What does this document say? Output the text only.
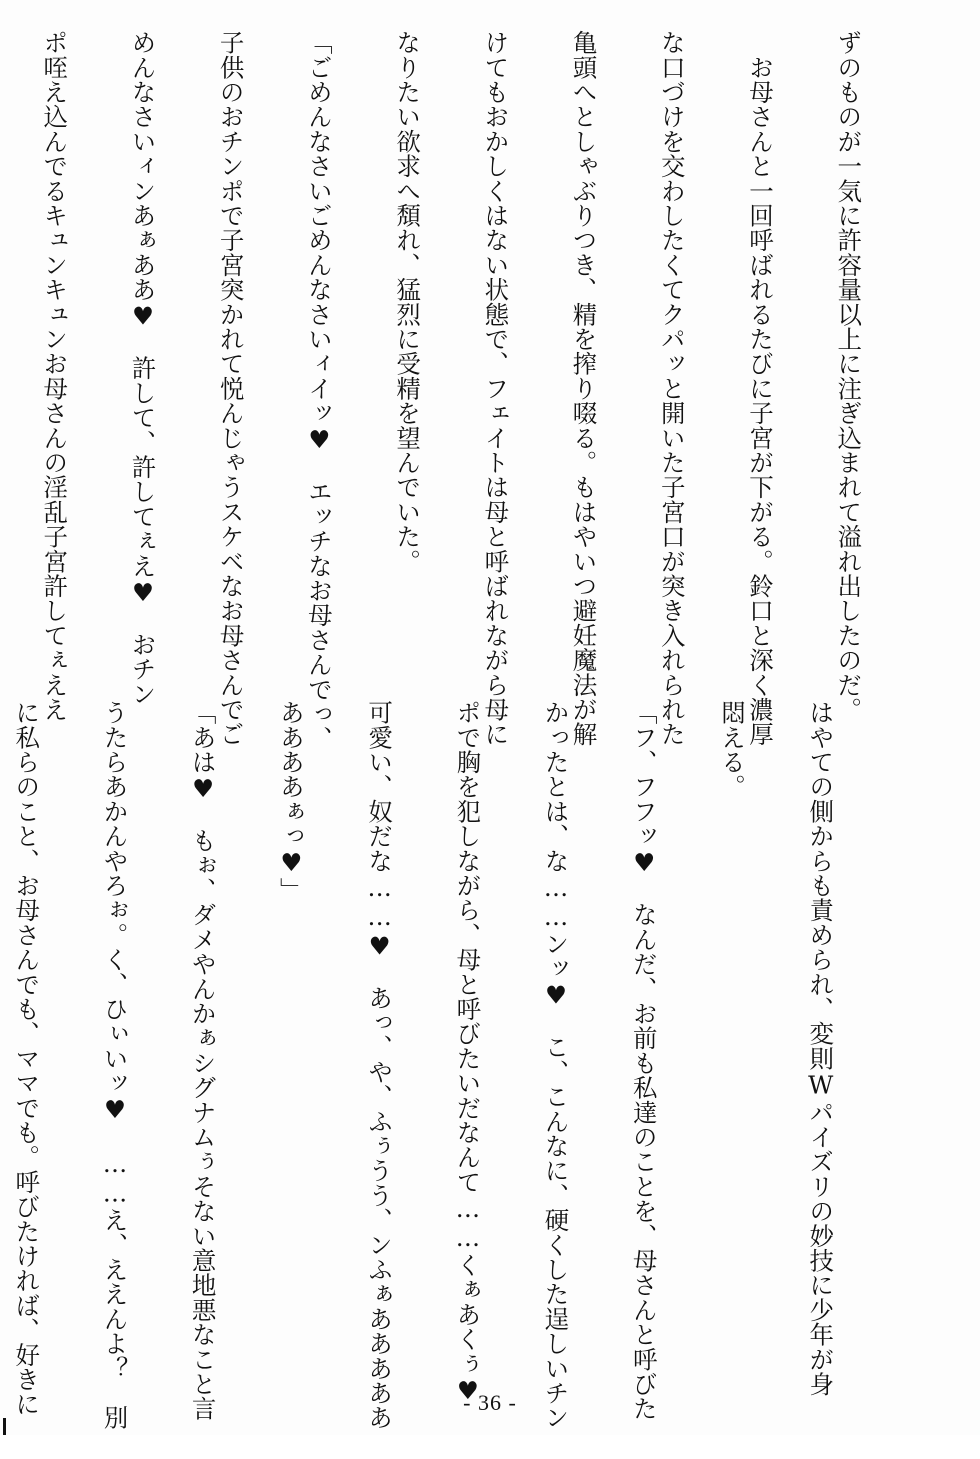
ずのものが一気に許容量以上に注ぎ込まれて溢れ出したのだ。

　お母さんと一回呼ばれるたびに子宮が下がる。鈴口と深く濃厚

な口づけを交わしたくてクパッと開いた子宮口が突き入れられた

亀頭へとしゃぶりつき、精を搾り啜る。もはやいつ避妊魔法が解

けてもおかしくはない状態で、フェイトは母と呼ばれながら母に

なりたい欲求へ頽れ、猛烈に受精を望んでいた。

「ごめんなさいごめんなさいィイッ♥　エッチなお母さんでっ、

子供のおチンポで子宮突かれて悦んじゃうスケベなお母さんでご

めんなさいィンあぁああ♥　許して、許してぇえ♥　おチン

ポ咥え込んでるキュンキュンお母さんの淫乱子宮許してぇええ

はやての側からも責められ、変則Wパイズリの妙技に少年が身

悶える。

「フ、フフッ♥　なんだ、お前も私達のことを、母さんと呼びた

かったとは、な……ンッ♥　こ、こんなに、硬くした逞しいチン

ポで胸を犯しながら、母と呼びたいだなんて……くぁあくぅ♥

可愛い、奴だな……♥　あっ、や、ふぅうう、ンふぁあああああ

ああああぁっ♥」

「あは♥　もぉ、ダメやんかぁシグナムぅそない意地悪なこと言

うたらあかんやろぉ。く、ひぃいッ♥　……え、ええんよ？　別

に私らのこと、お母さんでも、ママでも。呼びたければ、好きに

	- 36 -
